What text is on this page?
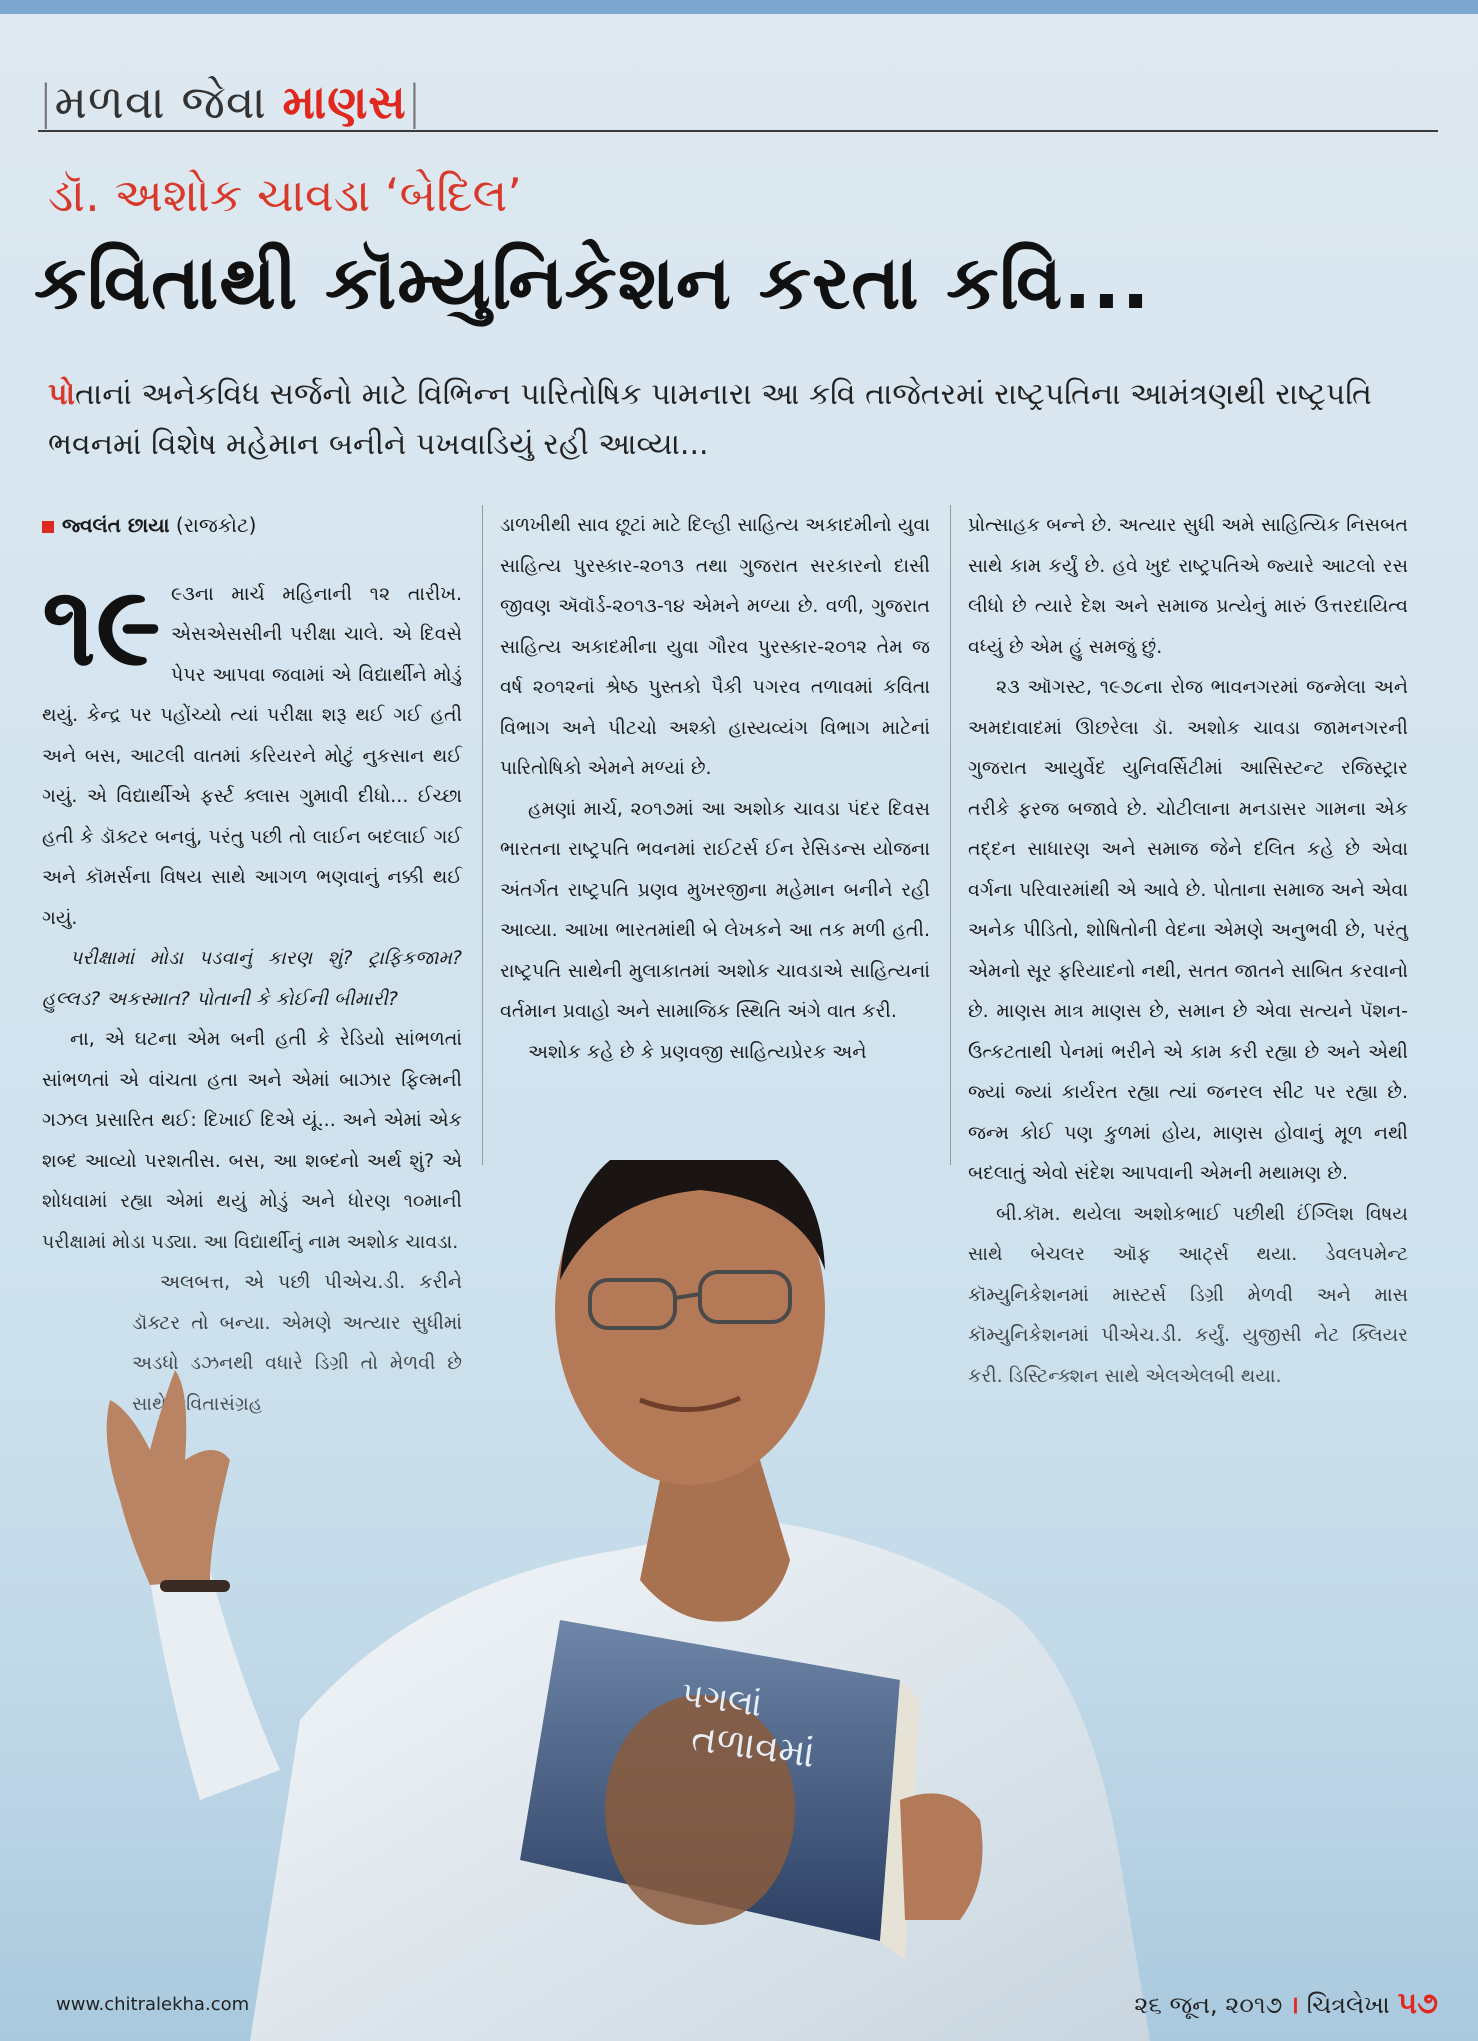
|મળવા જેવા માણસ|
ડૉ. અશોક ચાવડા ‘બેદિલ’
કવિતાથી કૉમ્યુનિકેશન કરતા કવિ...
પોતાનાં અનેકવિધ સર્જનો માટે વિભિન્ન પારિતોષિક પામનારા આ કવિ તાજેતરમાં રાષ્ટ્રપતિના આમંત્રણથી રાષ્ટ્રપતિ ભવનમાં વિશેષ મહેમાન બનીને પખવાડિયું રહી આવ્યા...
જ્વલંત છાયા (રાજકોટ)
૧૯ ૯૩ના માર્ચ મહિનાની ૧૨ તારીખ. એસએસસીની પરીક્ષા ચાલે. એ દિવસે પેપર આપવા જવામાં એ વિદ્યાર્થીને મોડું થયું. કેન્દ્ર પર પહોંચ્યો ત્યાં પરીક્ષા શરૂ થઈ ગઈ હતી અને બસ, આટલી વાતમાં કરિયરને મોટું નુકસાન થઈ ગયું. એ વિદ્યાર્થીએ ફર્સ્ટ ક્લાસ ગુમાવી દીધો... ઈચ્છા હતી કે ડૉક્ટર બનવું, પરંતુ પછી તો લાઈન બદલાઈ ગઈ અને કૉમર્સના વિષય સાથે આગળ ભણવાનું નક્કી થઈ ગયું.

પરીક્ષામાં મોડા પડવાનું કારણ શું? ટ્રાફિકજામ? હુલ્લડ? અકસ્માત? પોતાની કે કોઈની બીમારી?

ના, એ ઘટના એમ બની હતી કે રેડિયો સાંભળતાં સાંભળતાં એ વાંચતા હતા અને એમાં બાઝાર ફિલ્મની ગઝલ પ્રસારિત થઈ: દિખાઈ દિએ યૂં... અને એમાં એક

ડાળખીથી સાવ છૂટાં માટે દિલ્હી સાહિત્ય અકાદમીનો યુવા સાહિત્ય પુરસ્કાર-૨૦૧૩ તથા ગુજરાત સરકારનો દાસી જીવણ ઍવૉર્ડ-૨૦૧૩-૧૪ એમને મળ્યા છે. વળી, ગુજરાત સાહિત્ય અકાદમીના યુવા ગૌરવ પુરસ્કાર-૨૦૧૨ તેમ જ વર્ષ ૨૦૧૨નાં શ્રેષ્ઠ પુસ્તકો પૈકી પગરવ તળાવમાં કવિતા વિભાગ અને પીટચો અશ્કો હાસ્યવ્યંગ વિભાગ માટેનાં પારિતોષિકો એમને મળ્યાં છે.

હમણાં માર્ચ, ૨૦૧૭માં આ અશોક ચાવડા પંદર દિવસ ભારતના રાષ્ટ્રપતિ ભવનમાં રાઈટર્સ ઈન રેસિડન્સ યોજના અંતર્ગત રાષ્ટ્રપતિ પ્રણવ મુખરજીના મહેમાન બનીને રહી આવ્યા. આખા ભારતમાંથી બે લેખકને આ તક મળી હતી. રાષ્ટ્રપતિ સાથેની મુલાકાતમાં અશોક ચાવડાએ સાહિત્યનાં વર્તમાન પ્રવાહો અને સામાજિક સ્થિતિ અંગે વાત કરી.

અશોક કહે છે કે પ્રણવજી સાહિત્યપ્રેરક અને

પ્રોત્સાહક બન્ને છે. અત્યાર સુધી અમે સાહિત્યિક નિસબત સાથે કામ કર્યું છે. હવે ખુદ રાષ્ટ્રપતિએ જ્યારે આટલો રસ લીધો છે ત્યારે દેશ અને સમાજ પ્રત્યેનું મારું ઉત્તરદાયિત્વ વધ્યું છે એમ હું સમજું છું.

૨૩ ઑગસ્ટ, ૧૯૭૮ના રોજ ભાવનગરમાં જન્મેલા અને અમદાવાદમાં ઊછરેલા ડૉ. અશોક ચાવડા જામનગરની ગુજરાત આયુર્વેદ યુનિવર્સિટીમાં આસિસ્ટન્ટ રજિસ્ટ્રાર તરીકે ફરજ બજાવે છે. ચોટીલાના મનડાસર ગામના એક તદ્દન સાધારણ અને સમાજ જેને દલિત કહે છે એવા વર્ગના પરિવારમાંથી એ આવે છે. પોતાના સમાજ અને એવા અનેક પીડિતો, શોષિતોની વેદના એમણે અનુભવી છે, પરંતુ એમનો સૂર ફરિયાદનો નથી, સતત જાતને સાબિત કરવાનો છે. માણસ માત્ર માણસ છે, સમાન છે એવા સત્યને પૅશન-ઉત્કટતાથી પેનમાં ભરીને એ કામ કરી રહ્યા છે અને એથી જ્યાં જ્યાં કાર્યરત રહ્યા ત્યાં જનરલ સીટ પર રહ્યા છે. જન્મ કોઈ પણ કુળમાં હોય, માણસ હોવાનું મૂળ નથી

પગલાં
તળાવમાં
www.chitralekha.com	૨૬ જૂન, ૨૦૧૭ । ચિત્રલેખા ૫૭
